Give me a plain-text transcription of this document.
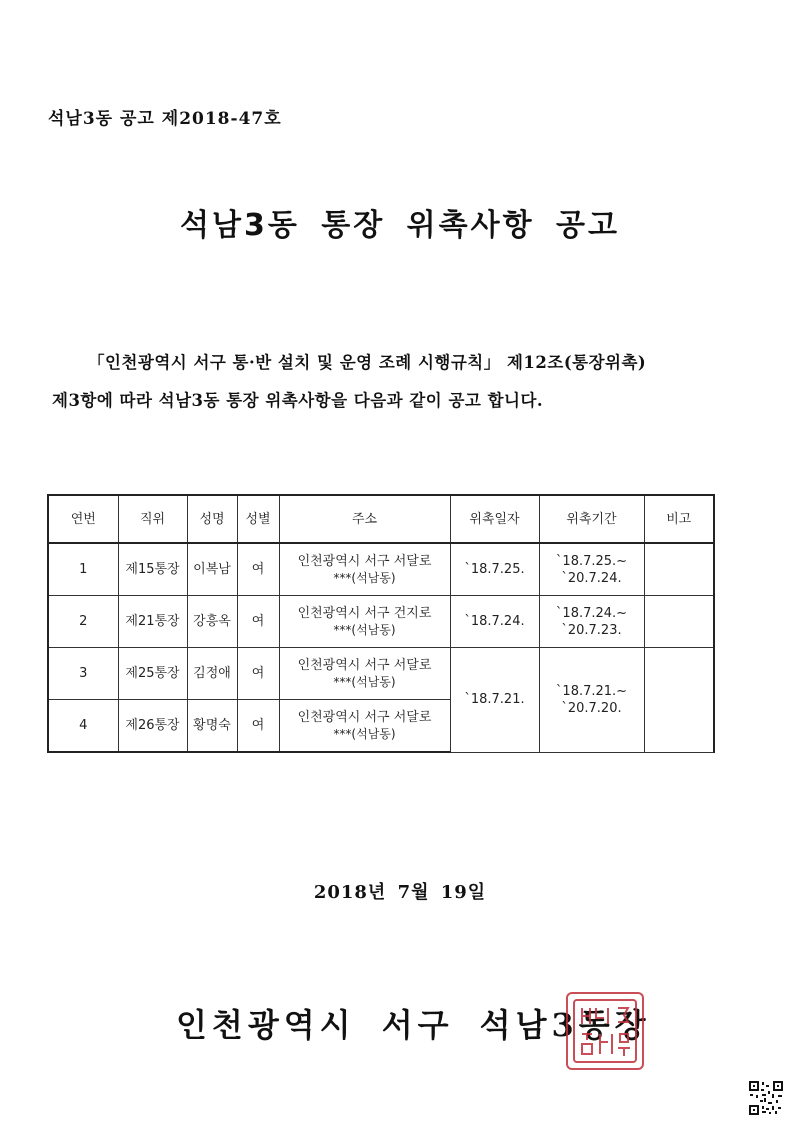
석남3동 공고 제2018-47호
석남3동 통장 위촉사항 공고

「인천광역시 서구 통·반 설치 및 운영 조례 시행규칙」 제12조(통장위촉)

제3항에 따라 석남3동 통장 위촉사항을 다음과 같이 공고 합니다.

연번	직위	성명	성별	주소	위촉일자	위촉기간	비고
1	제15통장	이복남	여	인천광역시 서구 서달로
***(석남동)	`18.7.25.	`18.7.25.~
`20.7.24.	

2	제21통장	강흥옥	여	인천광역시 서구 건지로
***(석남동)	`18.7.24.	`18.7.24.~
`20.7.23.	

3	제25통장	김정애	여	인천광역시 서구 서달로
***(석남동)	`18.7.21.	`18.7.21.~
`20.7.20.	

4	제26통장	황명숙	여	인천광역시 서구 서달로
***(석남동)			
2018년 7월 19일
인천광역시 서구 석남3동장
